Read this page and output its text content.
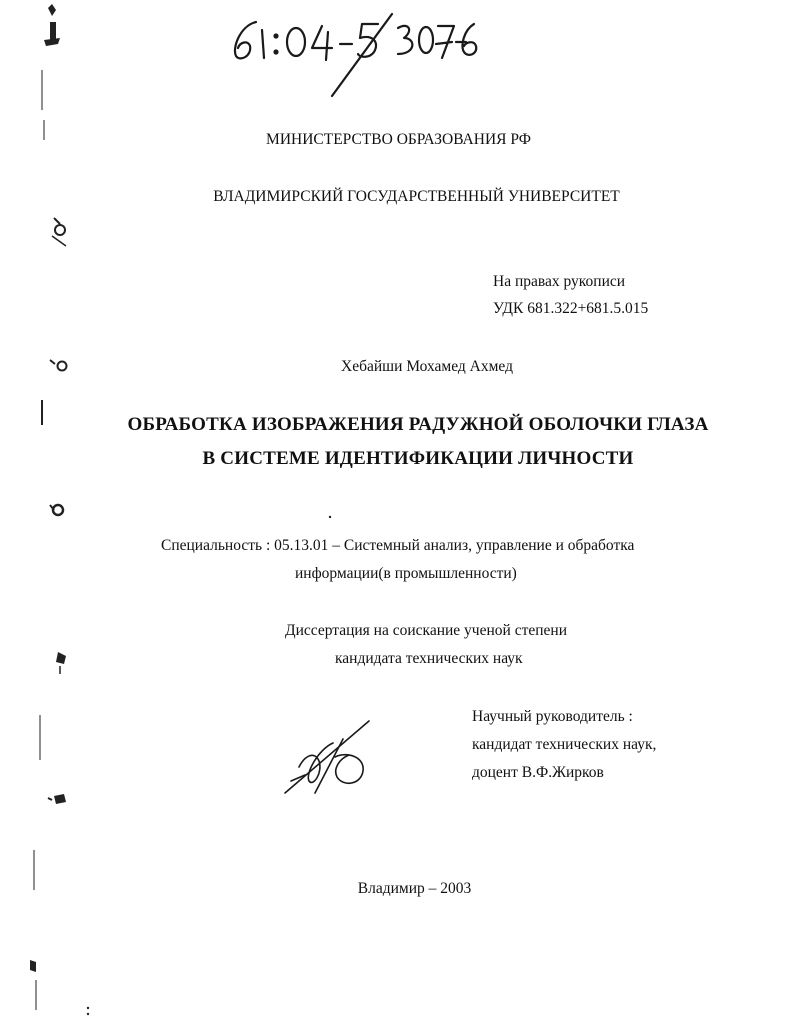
МИНИСТЕРСТВО ОБРАЗОВАНИЯ РФ
ВЛАДИМИРСКИЙ ГОСУДАРСТВЕННЫЙ УНИВЕРСИТЕТ
На правах рукописи
УДК 681.322+681.5.015
Хебайши Мохамед Ахмед
ОБРАБОТКА ИЗОБРАЖЕНИЯ РАДУЖНОЙ ОБОЛОЧКИ ГЛАЗА
В СИСТЕМЕ ИДЕНТИФИКАЦИИ ЛИЧНОСТИ
Специальность : 05.13.01 – Системный анализ, управление и обработка
информации(в промышленности)
Диссертация на соискание ученой степени
кандидата технических наук
Научный руководитель :
кандидат технических наук,
доцент В.Ф.Жирков
Владимир – 2003
